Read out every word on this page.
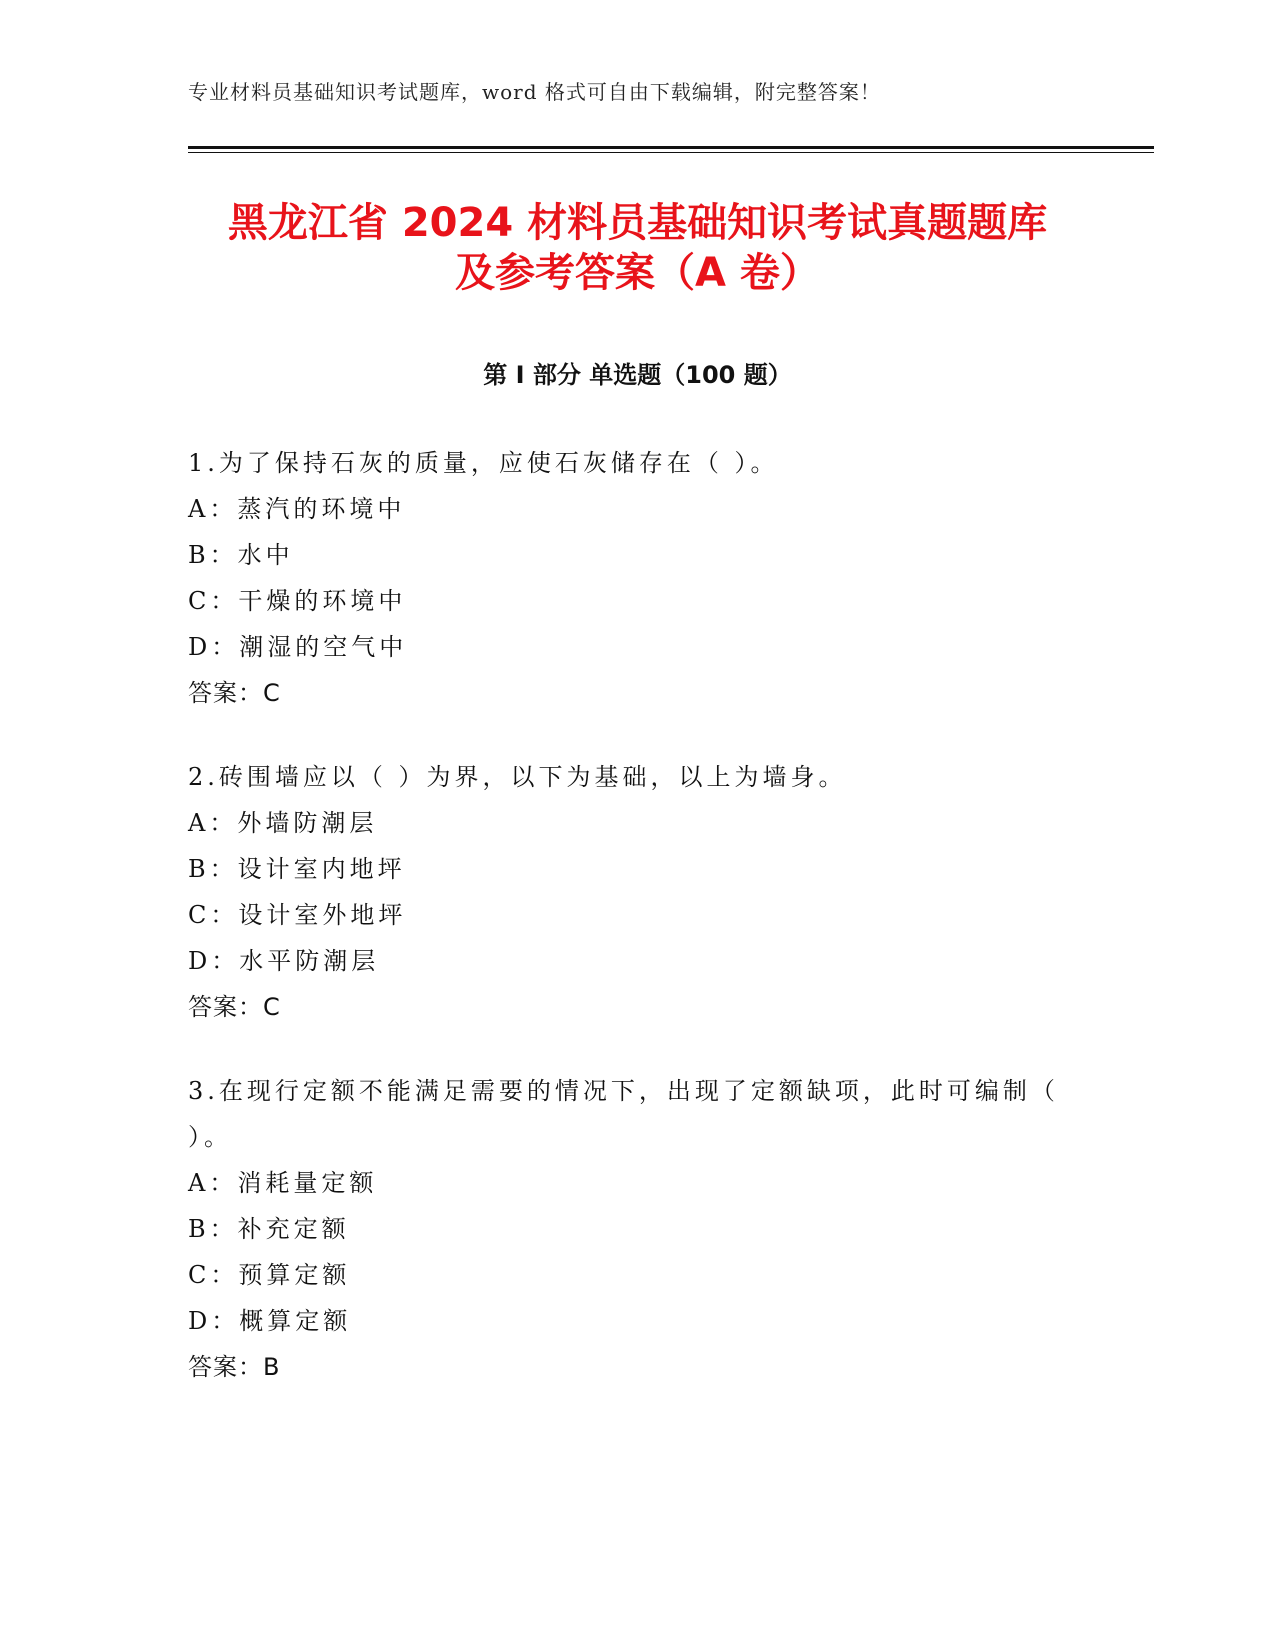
专业材料员基础知识考试题库，word 格式可自由下载编辑，附完整答案！
黑龙江省 2024 材料员基础知识考试真题题库
及参考答案（A 卷）
第 I 部分 单选题（100 题）
1.为了保持石灰的质量，应使石灰储存在（ ）。
A：蒸汽的环境中
B：水中
C：干燥的环境中
D：潮湿的空气中
答案：C
2.砖围墙应以（ ）为界，以下为基础，以上为墙身。
A：外墙防潮层
B：设计室内地坪
C：设计室外地坪
D：水平防潮层
答案：C
3.在现行定额不能满足需要的情况下，出现了定额缺项，此时可编制（ ）。
A：消耗量定额
B：补充定额
C：预算定额
D：概算定额
答案：B
